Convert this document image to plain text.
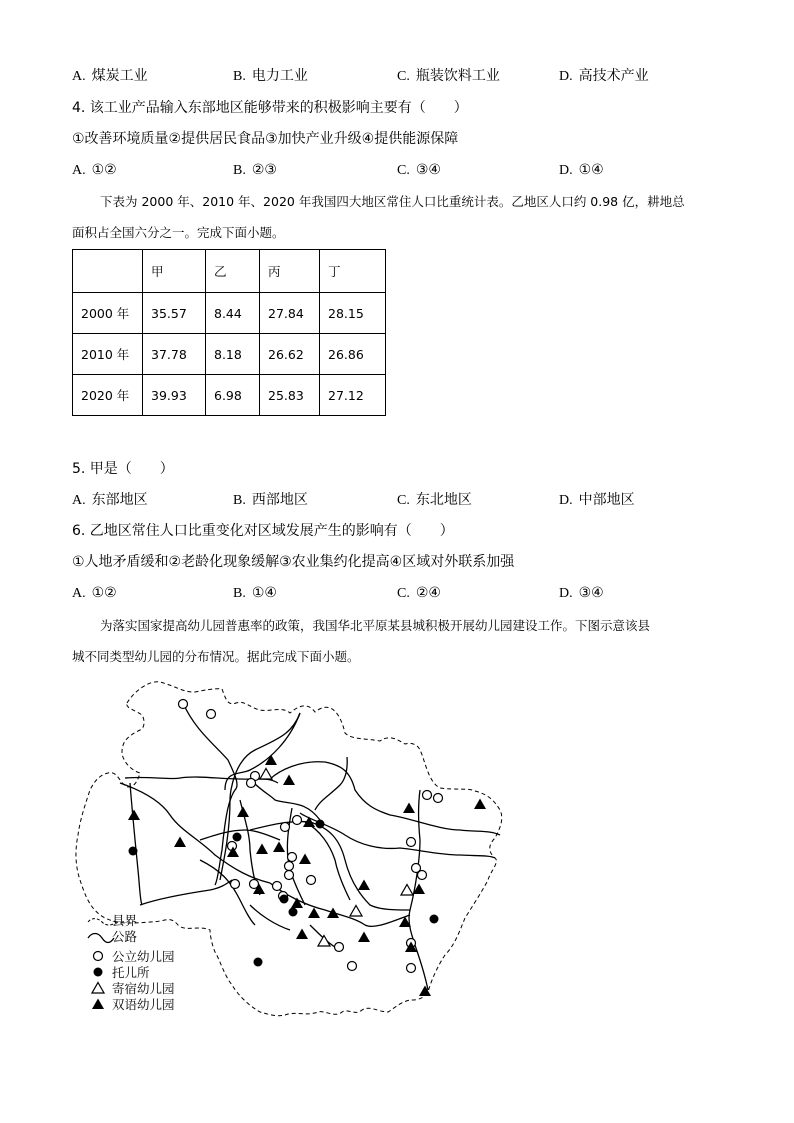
A. 煤炭工业	B. 电力工业	C. 瓶装饮料工业	D. 高技术产业
4. 该工业产品输入东部地区能够带来的积极影响主要有（　　）
①改善环境质量②提供居民食品③加快产业升级④提供能源保障
A. ①②	B. ②③	C. ③④	D. ①④
下表为 2000 年、2010 年、2020 年我国四大地区常住人口比重统计表。乙地区人口约 0.98 亿，耕地总
面积占全国六分之一。完成下面小题。
	甲	乙	丙	丁
2000 年	35.57	8.44	27.84	28.15
2010 年	37.78	8.18	26.62	26.86
2020 年	39.93	6.98	25.83	27.12
5. 甲是（　　）
A. 东部地区	B. 西部地区	C. 东北地区	D. 中部地区
6. 乙地区常住人口比重变化对区域发展产生的影响有（　　）
①人地矛盾缓和②老龄化现象缓解③农业集约化提高④区域对外联系加强
A. ①②	B. ①④	C. ②④	D. ③④
为落实国家提高幼儿园普惠率的政策，我国华北平原某县城积极开展幼儿园建设工作。下图示意该县
城不同类型幼儿园的分布情况。据此完成下面小题。
县界
公路
公立幼儿园
托儿所
寄宿幼儿园
双语幼儿园
